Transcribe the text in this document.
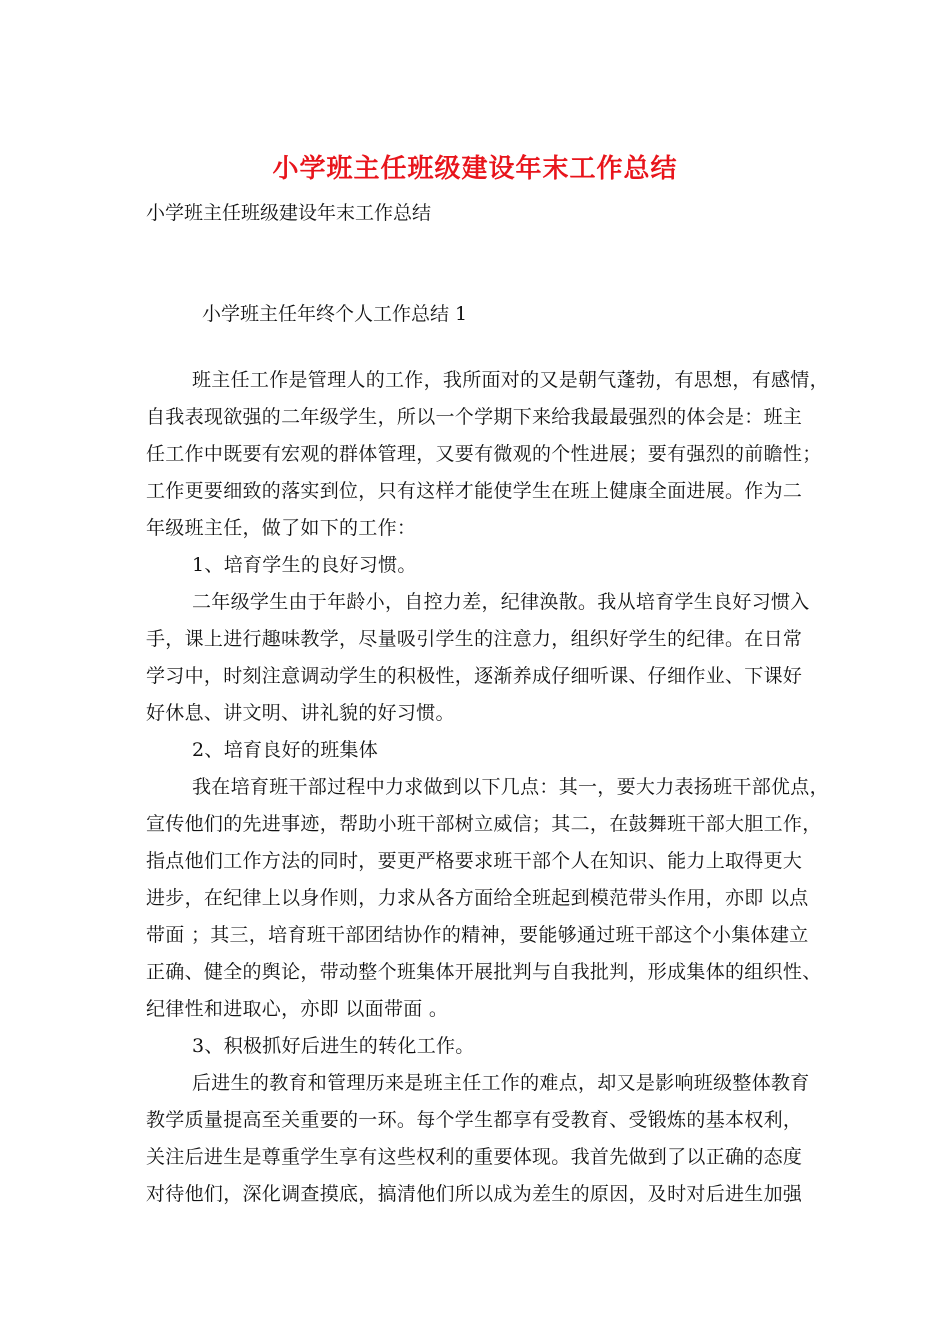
小学班主任班级建设年末工作总结
小学班主任班级建设年末工作总结
小学班主任年终个人工作总结 1
班主任工作是管理人的工作，我所面对的又是朝气蓬勃，有思想，有感情，
自我表现欲强的二年级学生，所以一个学期下来给我最最强烈的体会是：班主
任工作中既要有宏观的群体管理，又要有微观的个性进展；要有强烈的前瞻性；
工作更要细致的落实到位，只有这样才能使学生在班上健康全面进展。作为二
年级班主任，做了如下的工作：
1、培育学生的良好习惯。
二年级学生由于年龄小，自控力差，纪律涣散。我从培育学生良好习惯入
手，课上进行趣味教学，尽量吸引学生的注意力，组织好学生的纪律。在日常
学习中，时刻注意调动学生的积极性，逐渐养成仔细听课、仔细作业、下课好
好休息、讲文明、讲礼貌的好习惯。
2、培育良好的班集体
我在培育班干部过程中力求做到以下几点：其一，要大力表扬班干部优点，
宣传他们的先进事迹，帮助小班干部树立威信；其二，在鼓舞班干部大胆工作，
指点他们工作方法的同时，要更严格要求班干部个人在知识、能力上取得更大
进步，在纪律上以身作则，力求从各方面给全班起到模范带头作用，亦即 以点
带面 ；其三，培育班干部团结协作的精神，要能够通过班干部这个小集体建立
正确、健全的舆论，带动整个班集体开展批判与自我批判，形成集体的组织性、
纪律性和进取心，亦即 以面带面 。
3、积极抓好后进生的转化工作。
后进生的教育和管理历来是班主任工作的难点，却又是影响班级整体教育
教学质量提高至关重要的一环。每个学生都享有受教育、受锻炼的基本权利，
关注后进生是尊重学生享有这些权利的重要体现。我首先做到了以正确的态度
对待他们，深化调查摸底，搞清他们所以成为差生的原因，及时对后进生加强
